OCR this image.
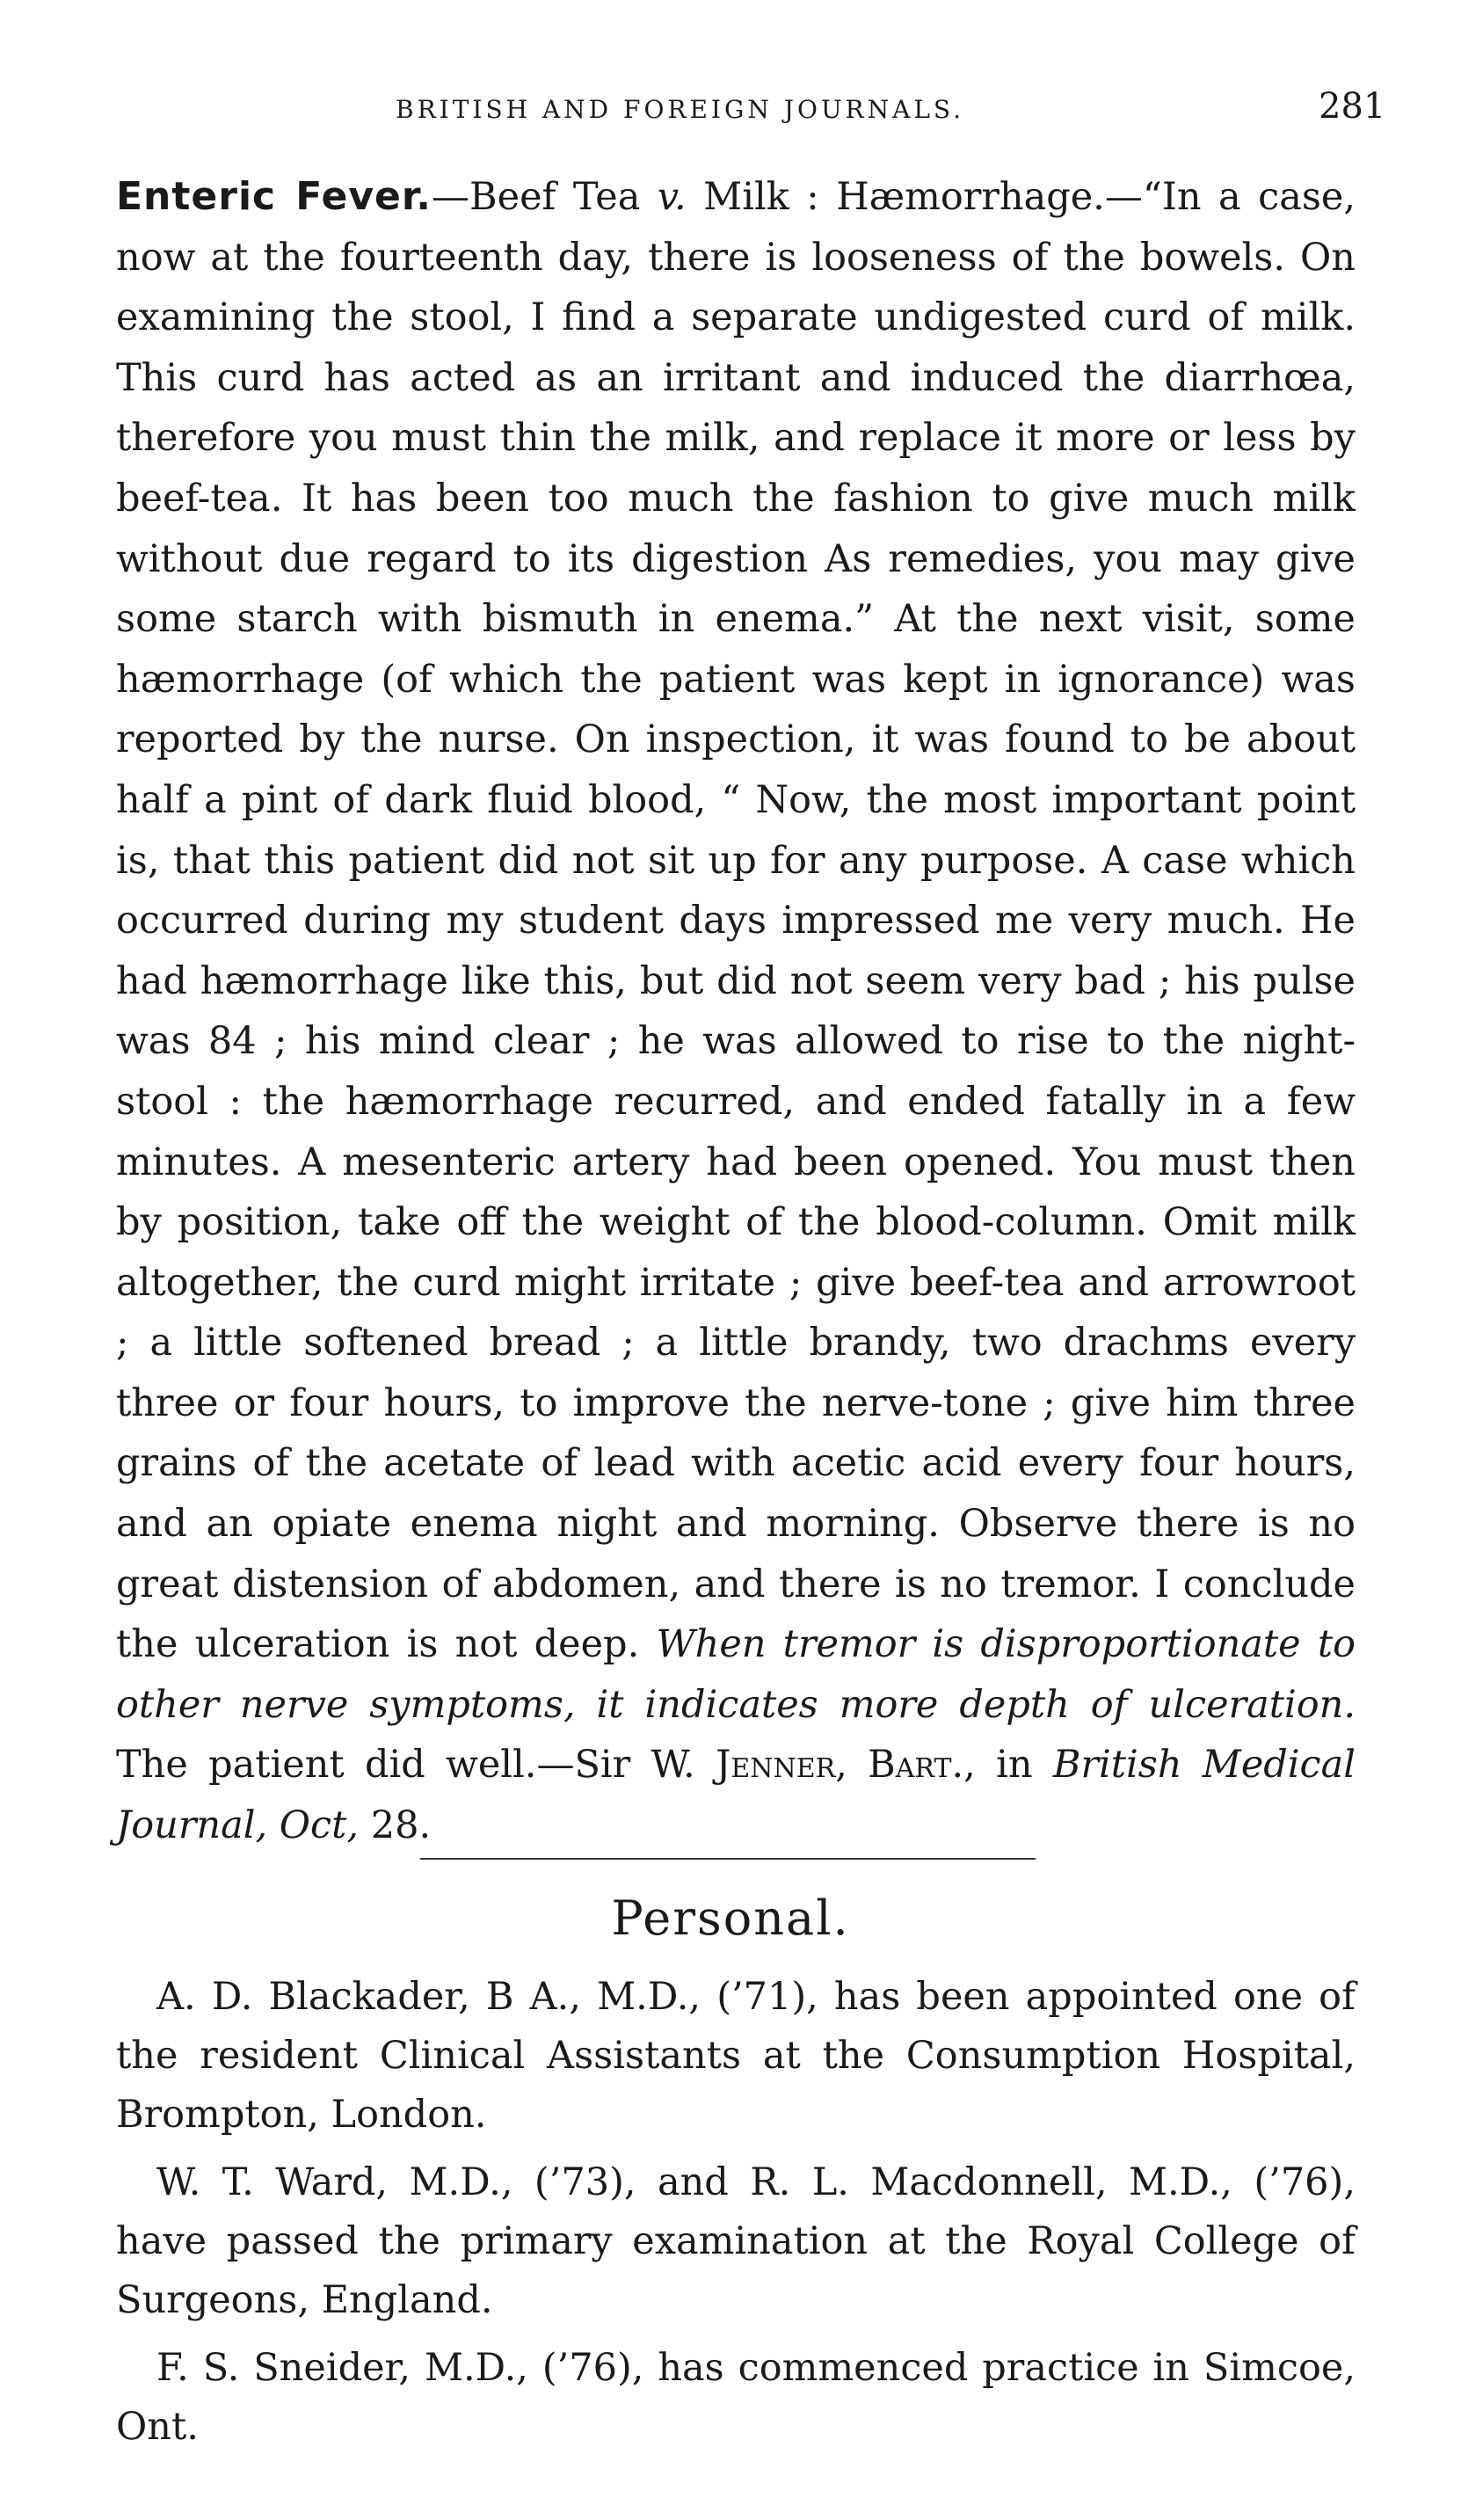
BRITISH AND FOREIGN JOURNALS.	281

Enteric Fever.—Beef Tea v. Milk : Hæmorrhage.—“In a case, now at the fourteenth day, there is looseness of the bowels. On examining the stool, I find a separate undigested curd of milk. This curd has acted as an irritant and induced the diarrhœa, therefore you must thin the milk, and replace it more or less by beef-tea. It has been too much the fashion to give much milk without due regard to its digestion As remedies, you may give some starch with bismuth in enema.” At the next visit, some hæmorrhage (of which the patient was kept in ignorance) was reported by the nurse. On inspection, it was found to be about half a pint of dark fluid blood, “ Now, the most important point is, that this patient did not sit up for any purpose. A case which occurred during my student days impressed me very much. He had hæmorrhage like this, but did not seem very bad ; his pulse was 84 ; his mind clear ; he was allowed to rise to the night-stool : the hæmorrhage recurred, and ended fatally in a few minutes. A mesenteric artery had been opened. You must then by position, take off the weight of the blood-column. Omit milk altogether, the curd might irritate ; give beef-tea and arrowroot ; a little softened bread ; a little brandy, two drachms every three or four hours, to improve the nerve-tone ; give him three grains of the acetate of lead with acetic acid every four hours, and an opiate enema night and morning. Observe there is no great distension of abdomen, and there is no tremor. I conclude the ulceration is not deep. When tremor is disproportionate to other nerve symptoms, it indicates more depth of ulceration. The patient did well.—Sir W. Jenner, Bart., in British Medical Journal, Oct, 28.

Personal.

A. D. Blackader, B A., M.D., (’71), has been appointed one of the resident Clinical Assistants at the Consumption Hospital, Brompton, London.

W. T. Ward, M.D., (’73), and R. L. Macdonnell, M.D., (’76), have passed the primary examination at the Royal College of Surgeons, England.

F. S. Sneider, M.D., (’76), has commenced practice in Simcoe, Ont.
